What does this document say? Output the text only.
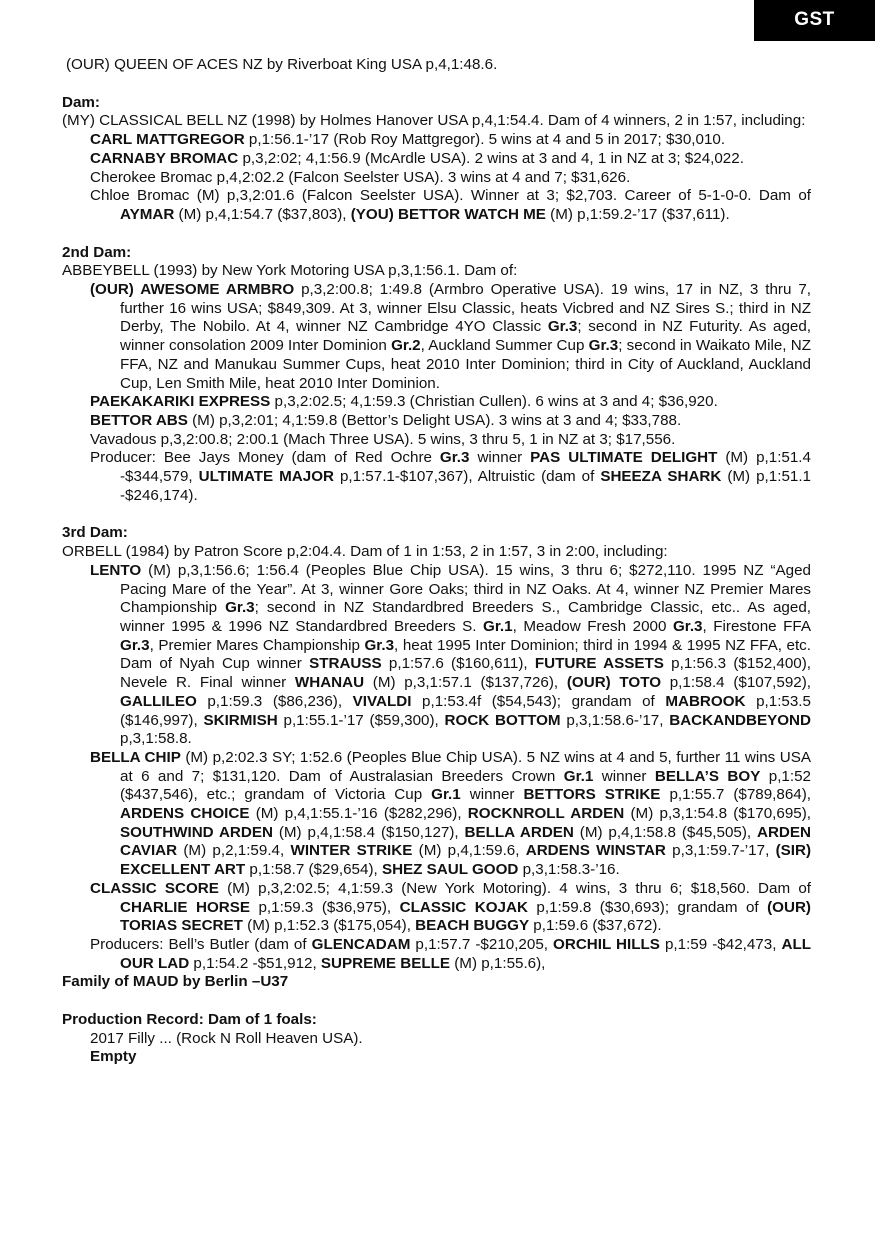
GST
(OUR) QUEEN OF ACES NZ by Riverboat King USA p,4,1:48.6.
Dam:
(MY) CLASSICAL BELL NZ (1998) by Holmes Hanover USA p,4,1:54.4. Dam of 4 winners, 2 in 1:57, including:
CARL MATTGREGOR p,1:56.1-’17 (Rob Roy Mattgregor). 5 wins at 4 and 5 in 2017; $30,010.
CARNABY BROMAC p,3,2:02; 4,1:56.9 (McArdle USA). 2 wins at 3 and 4, 1 in NZ at 3; $24,022.
Cherokee Bromac p,4,2:02.2 (Falcon Seelster USA). 3 wins at 4 and 7; $31,626.
Chloe Bromac (M) p,3,2:01.6 (Falcon Seelster USA). Winner at 3; $2,703. Career of 5-1-0-0. Dam of AYMAR (M) p,4,1:54.7 ($37,803), (YOU) BETTOR WATCH ME (M) p,1:59.2-’17 ($37,611).
2nd Dam:
ABBEYBELL (1993) by New York Motoring USA p,3,1:56.1. Dam of:
(OUR) AWESOME ARMBRO p,3,2:00.8; 1:49.8 (Armbro Operative USA). 19 wins, 17 in NZ, 3 thru 7, further 16 wins USA; $849,309. At 3, winner Elsu Classic, heats Vicbred and NZ Sires S.; third in NZ Derby, The Nobilo. At 4, winner NZ Cambridge 4YO Classic Gr.3; second in NZ Futurity. As aged, winner consolation 2009 Inter Dominion Gr.2, Auckland Summer Cup Gr.3; second in Waikato Mile, NZ FFA, NZ and Manukau Summer Cups, heat 2010 Inter Dominion; third in City of Auckland, Auckland Cup, Len Smith Mile, heat 2010 Inter Dominion.
PAEKAKARIKI EXPRESS p,3,2:02.5; 4,1:59.3 (Christian Cullen). 6 wins at 3 and 4; $36,920.
BETTOR ABS (M) p,3,2:01; 4,1:59.8 (Bettor’s Delight USA). 3 wins at 3 and 4; $33,788.
Vavadous p,3,2:00.8; 2:00.1 (Mach Three USA). 5 wins, 3 thru 5, 1 in NZ at 3; $17,556.
Producer: Bee Jays Money (dam of Red Ochre Gr.3 winner PAS ULTIMATE DELIGHT (M) p,1:51.4 -$344,579, ULTIMATE MAJOR p,1:57.1-$107,367), Altruistic (dam of SHEEZA SHARK (M) p,1:51.1 -$246,174).
3rd Dam:
ORBELL (1984) by Patron Score p,2:04.4. Dam of 1 in 1:53, 2 in 1:57, 3 in 2:00, including:
LENTO (M) p,3,1:56.6; 1:56.4 (Peoples Blue Chip USA). 15 wins, 3 thru 6; $272,110. 1995 NZ “Aged Pacing Mare of the Year”. At 3, winner Gore Oaks; third in NZ Oaks. At 4, winner NZ Premier Mares Championship Gr.3; second in NZ Standardbred Breeders S., Cambridge Classic, etc.. As aged, winner 1995 & 1996 NZ Standardbred Breeders S. Gr.1, Meadow Fresh 2000 Gr.3, Firestone FFA Gr.3, Premier Mares Championship Gr.3, heat 1995 Inter Dominion; third in 1994 & 1995 NZ FFA, etc. Dam of Nyah Cup winner STRAUSS p,1:57.6 ($160,611), FUTURE ASSETS p,1:56.3 ($152,400), Nevele R. Final winner WHANAU (M) p,3,1:57.1 ($137,726), (OUR) TOTO p,1:58.4 ($107,592), GALLILEO p,1:59.3 ($86,236), VIVALDI p,1:53.4f ($54,543); grandam of MABROOK p,1:53.5 ($146,997), SKIRMISH p,1:55.1-’17 ($59,300), ROCK BOTTOM p,3,1:58.6-’17, BACKANDBEYOND p,3,1:58.8.
BELLA CHIP (M) p,2:02.3 SY; 1:52.6 (Peoples Blue Chip USA). 5 NZ wins at 4 and 5, further 11 wins USA at 6 and 7; $131,120. Dam of Australasian Breeders Crown Gr.1 winner BELLA’S BOY p,1:52 ($437,546), etc.; grandam of Victoria Cup Gr.1 winner BETTORS STRIKE p,1:55.7 ($789,864), ARDENS CHOICE (M) p,4,1:55.1-’16 ($282,296), ROCKNROLL ARDEN (M) p,3,1:54.8 ($170,695), SOUTHWIND ARDEN (M) p,4,1:58.4 ($150,127), BELLA ARDEN (M) p,4,1:58.8 ($45,505), ARDEN CAVIAR (M) p,2,1:59.4, WINTER STRIKE (M) p,4,1:59.6, ARDENS WINSTAR p,3,1:59.7-’17, (SIR) EXCELLENT ART p,1:58.7 ($29,654), SHEZ SAUL GOOD p,3,1:58.3-’16.
CLASSIC SCORE (M) p,3,2:02.5; 4,1:59.3 (New York Motoring). 4 wins, 3 thru 6; $18,560. Dam of CHARLIE HORSE p,1:59.3 ($36,975), CLASSIC KOJAK p,1:59.8 ($30,693); grandam of (OUR) TORIAS SECRET (M) p,1:52.3 ($175,054), BEACH BUGGY p,1:59.6 ($37,672).
Producers: Bell’s Butler (dam of GLENCADAM p,1:57.7 -$210,205, ORCHIL HILLS p,1:59 -$42,473, ALL OUR LAD p,1:54.2 -$51,912, SUPREME BELLE (M) p,1:55.6),
Family of MAUD by Berlin –U37
Production Record: Dam of 1 foals:
2017 Filly ... (Rock N Roll Heaven USA).
Empty
